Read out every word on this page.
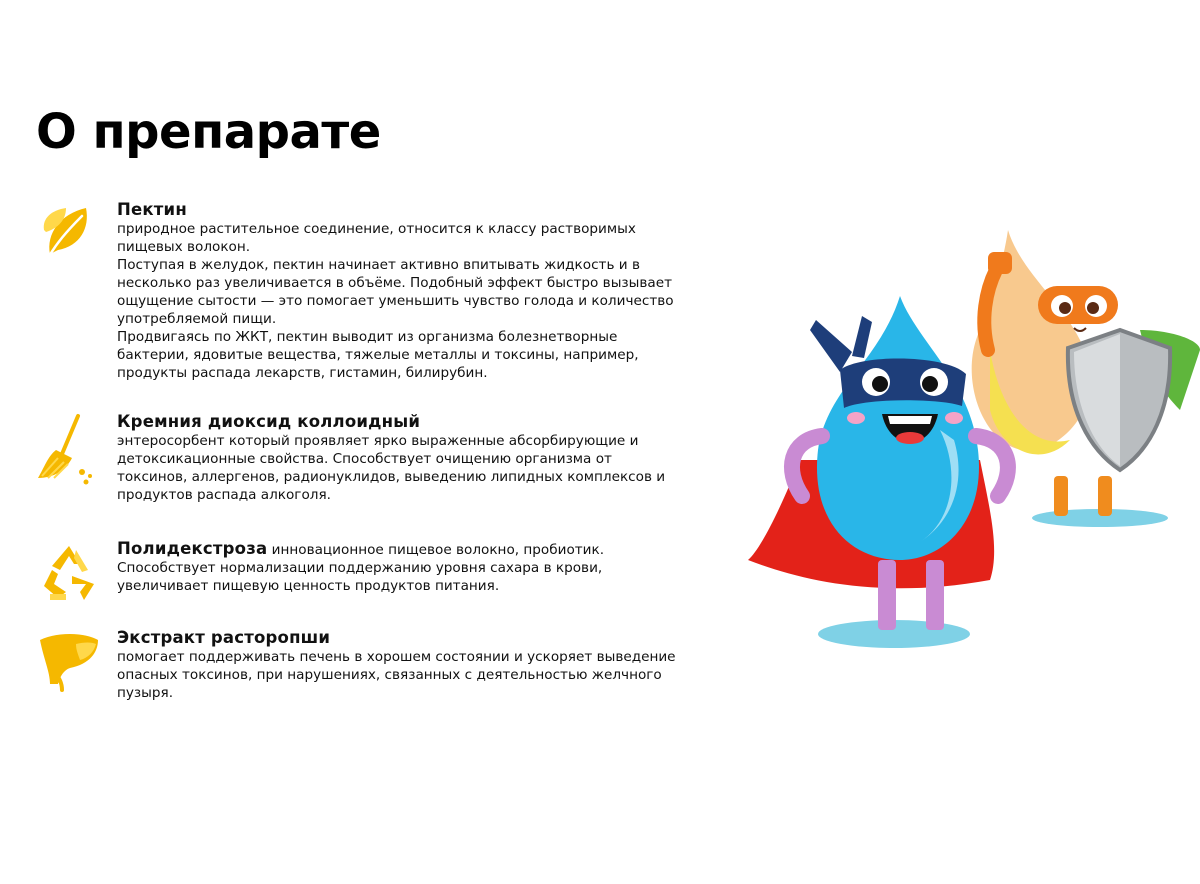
О препарате
Пектин

природное растительное соединение, относится к классу растворимых пищевых волокон.

Поступая в желудок, пектин начинает активно впитывать жидкость и в несколько раз увеличивается в объёме. Подобный эффект быстро вызывает ощущение сытости — это помогает уменьшить чувство голода и количество употребляемой пищи.

Продвигаясь по ЖКТ, пектин выводит из организма болезнетворные бактерии, ядовитые вещества, тяжелые металлы и токсины, например, продукты распада лекарств, гистамин, билирубин.

Кремния диоксид коллоидный

энтеросорбент который проявляет ярко выраженные абсорбирующие и детоксикационные свойства. Способствует очищению организма от токсинов, аллергенов, радионуклидов, выведению липидных комплексов и продуктов распада алкоголя.

Полидекстроза инновационное пищевое волокно, пробиотик. Способствует нормализации поддержанию уровня сахара в крови, увеличивает пищевую ценность продуктов питания.

Экстракт расторопши

помогает поддерживать печень в хорошем состоянии и ускоряет выведение опасных токсинов, при нарушениях, связанных с деятельностью желчного пузыря.
